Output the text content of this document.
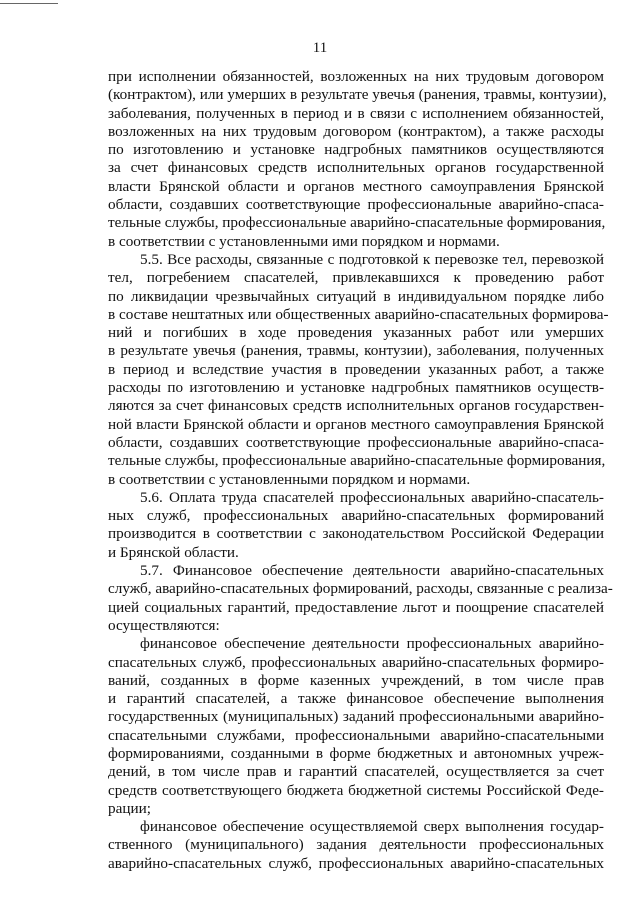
11
при исполнении обязанностей, возложенных на них трудовым договором
(контрактом), или умерших в результате увечья (ранения, травмы, контузии),
заболевания, полученных в период и в связи с исполнением обязанностей,
возложенных на них трудовым договором (контрактом), а также расходы
по изготовлению и установке надгробных памятников осуществляются
за счет финансовых средств исполнительных органов государственной
власти Брянской области и органов местного самоуправления Брянской
области, создавших соответствующие профессиональные аварийно-спаса-
тельные службы, профессиональные аварийно-спасательные формирования,
в соответствии с установленными ими порядком и нормами.
5.5. Все расходы, связанные с подготовкой к перевозке тел, перевозкой
тел, погребением спасателей, привлекавшихся к проведению работ
по ликвидации чрезвычайных ситуаций в индивидуальном порядке либо
в составе нештатных или общественных аварийно-спасательных формирова-
ний и погибших в ходе проведения указанных работ или умерших
в результате увечья (ранения, травмы, контузии), заболевания, полученных
в период и вследствие участия в проведении указанных работ, а также
расходы по изготовлению и установке надгробных памятников осуществ-
ляются за счет финансовых средств исполнительных органов государствен-
ной власти Брянской области и органов местного самоуправления Брянской
области, создавших соответствующие профессиональные аварийно-спаса-
тельные службы, профессиональные аварийно-спасательные формирования,
в соответствии с установленными порядком и нормами.
5.6. Оплата труда спасателей профессиональных аварийно-спасатель-
ных служб, профессиональных аварийно-спасательных формирований
производится в соответствии с законодательством Российской Федерации
и Брянской области.
5.7. Финансовое обеспечение деятельности аварийно-спасательных
служб, аварийно-спасательных формирований, расходы, связанные с реализа-
цией социальных гарантий, предоставление льгот и поощрение спасателей
осуществляются:
финансовое обеспечение деятельности профессиональных аварийно-
спасательных служб, профессиональных аварийно-спасательных формиро-
ваний, созданных в форме казенных учреждений, в том числе прав
и гарантий спасателей, а также финансовое обеспечение выполнения
государственных (муниципальных) заданий профессиональными аварийно-
спасательными службами, профессиональными аварийно-спасательными
формированиями, созданными в форме бюджетных и автономных учреж-
дений, в том числе прав и гарантий спасателей, осуществляется за счет
средств соответствующего бюджета бюджетной системы Российской Феде-
рации;
финансовое обеспечение осуществляемой сверх выполнения государ-
ственного (муниципального) задания деятельности профессиональных
аварийно-спасательных служб, профессиональных аварийно-спасательных
